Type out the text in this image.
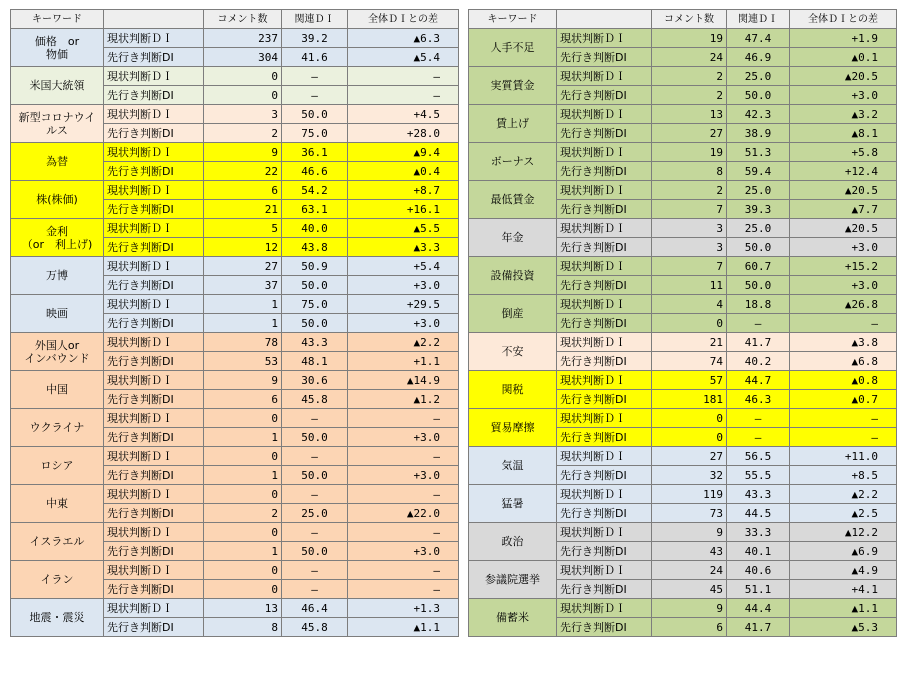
キーワード		コメント数	関連ＤＩ	全体ＤＩとの差
価格　or
物価	現状判断ＤＩ	237	39.2	▲6.3
	先行き判断DI	304	41.6	▲5.4
米国大統領	現状判断ＤＩ	0	―	―
	先行き判断DI	0	―	―
新型コロナウイ
ルス	現状判断ＤＩ	3	50.0	+4.5
	先行き判断DI	2	75.0	+28.0
為替	現状判断ＤＩ	9	36.1	▲9.4
	先行き判断DI	22	46.6	▲0.4
株(株価)	現状判断ＤＩ	6	54.2	+8.7
	先行き判断DI	21	63.1	+16.1
金利
（or　利上げ)	現状判断ＤＩ	5	40.0	▲5.5
	先行き判断DI	12	43.8	▲3.3
万博	現状判断ＤＩ	27	50.9	+5.4
	先行き判断DI	37	50.0	+3.0
映画	現状判断ＤＩ	1	75.0	+29.5
	先行き判断DI	1	50.0	+3.0
外国人or
インバウンド	現状判断ＤＩ	78	43.3	▲2.2
	先行き判断DI	53	48.1	+1.1
中国	現状判断ＤＩ	9	30.6	▲14.9
	先行き判断DI	6	45.8	▲1.2
ウクライナ	現状判断ＤＩ	0	―	―
	先行き判断DI	1	50.0	+3.0
ロシア	現状判断ＤＩ	0	―	―
	先行き判断DI	1	50.0	+3.0
中東	現状判断ＤＩ	0	―	―
	先行き判断DI	2	25.0	▲22.0
イスラエル	現状判断ＤＩ	0	―	―
	先行き判断DI	1	50.0	+3.0
イラン	現状判断ＤＩ	0	―	―
	先行き判断DI	0	―	―
地震・震災	現状判断ＤＩ	13	46.4	+1.3
	先行き判断DI	8	45.8	▲1.1
キーワード		コメント数	関連ＤＩ	全体ＤＩとの差
人手不足	現状判断ＤＩ	19	47.4	+1.9
	先行き判断DI	24	46.9	▲0.1
実質賃金	現状判断ＤＩ	2	25.0	▲20.5
	先行き判断DI	2	50.0	+3.0
賃上げ	現状判断ＤＩ	13	42.3	▲3.2
	先行き判断DI	27	38.9	▲8.1
ボーナス	現状判断ＤＩ	19	51.3	+5.8
	先行き判断DI	8	59.4	+12.4
最低賃金	現状判断ＤＩ	2	25.0	▲20.5
	先行き判断DI	7	39.3	▲7.7
年金	現状判断ＤＩ	3	25.0	▲20.5
	先行き判断DI	3	50.0	+3.0
設備投資	現状判断ＤＩ	7	60.7	+15.2
	先行き判断DI	11	50.0	+3.0
倒産	現状判断ＤＩ	4	18.8	▲26.8
	先行き判断DI	0	―	―
不安	現状判断ＤＩ	21	41.7	▲3.8
	先行き判断DI	74	40.2	▲6.8
関税	現状判断ＤＩ	57	44.7	▲0.8
	先行き判断DI	181	46.3	▲0.7
貿易摩擦	現状判断ＤＩ	0	―	―
	先行き判断DI	0	―	―
気温	現状判断ＤＩ	27	56.5	+11.0
	先行き判断DI	32	55.5	+8.5
猛暑	現状判断ＤＩ	119	43.3	▲2.2
	先行き判断DI	73	44.5	▲2.5
政治	現状判断ＤＩ	9	33.3	▲12.2
	先行き判断DI	43	40.1	▲6.9
参議院選挙	現状判断ＤＩ	24	40.6	▲4.9
	先行き判断DI	45	51.1	+4.1
備蓄米	現状判断ＤＩ	9	44.4	▲1.1
	先行き判断DI	6	41.7	▲5.3
